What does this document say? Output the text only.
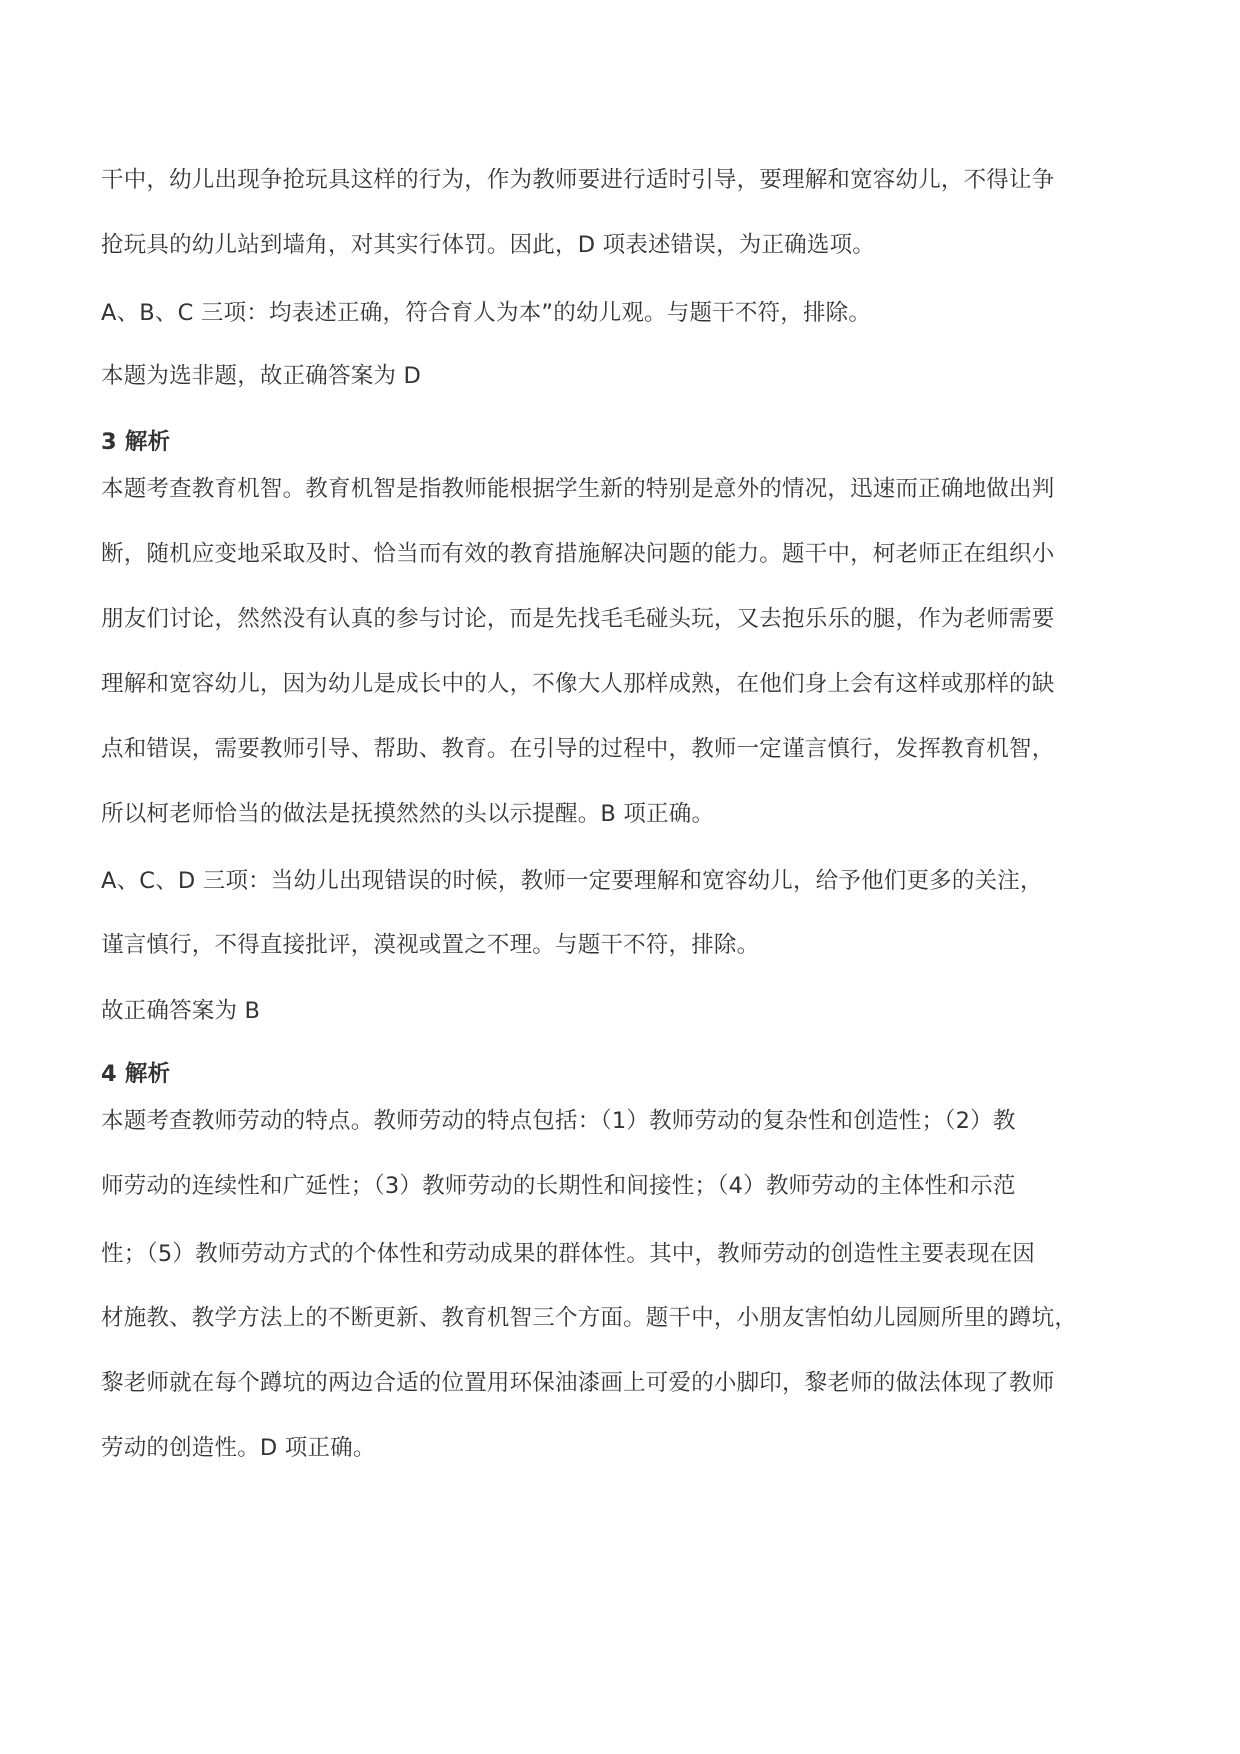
干中，幼儿出现争抢玩具这样的行为，作为教师要进行适时引导，要理解和宽容幼儿，不得让争
抢玩具的幼儿站到墙角，对其实行体罚。因此，D 项表述错误，为正确选项。
A、B、C 三项：均表述正确，符合育人为本”的幼儿观。与题干不符，排除。
本题为选非题，故正确答案为 D
3 解析
本题考查教育机智。教育机智是指教师能根据学生新的特别是意外的情况，迅速而正确地做出判
断，随机应变地采取及时、恰当而有效的教育措施解决问题的能力。题干中，柯老师正在组织小
朋友们讨论，然然没有认真的参与讨论，而是先找毛毛碰头玩，又去抱乐乐的腿，作为老师需要
理解和宽容幼儿，因为幼儿是成长中的人，不像大人那样成熟，在他们身上会有这样或那样的缺
点和错误，需要教师引导、帮助、教育。在引导的过程中，教师一定谨言慎行，发挥教育机智，
所以柯老师恰当的做法是抚摸然然的头以示提醒。B 项正确。
A、C、D 三项：当幼儿出现错误的时候，教师一定要理解和宽容幼儿，给予他们更多的关注，
谨言慎行，不得直接批评，漠视或置之不理。与题干不符，排除。
故正确答案为 B
4 解析
本题考查教师劳动的特点。教师劳动的特点包括：（1）教师劳动的复杂性和创造性；（2）教
师劳动的连续性和广延性；（3）教师劳动的长期性和间接性；（4）教师劳动的主体性和示范
性；（5）教师劳动方式的个体性和劳动成果的群体性。其中，教师劳动的创造性主要表现在因
材施教、教学方法上的不断更新、教育机智三个方面。题干中，小朋友害怕幼儿园厕所里的蹲坑，
黎老师就在每个蹲坑的两边合适的位置用环保油漆画上可爱的小脚印，黎老师的做法体现了教师
劳动的创造性。D 项正确。
